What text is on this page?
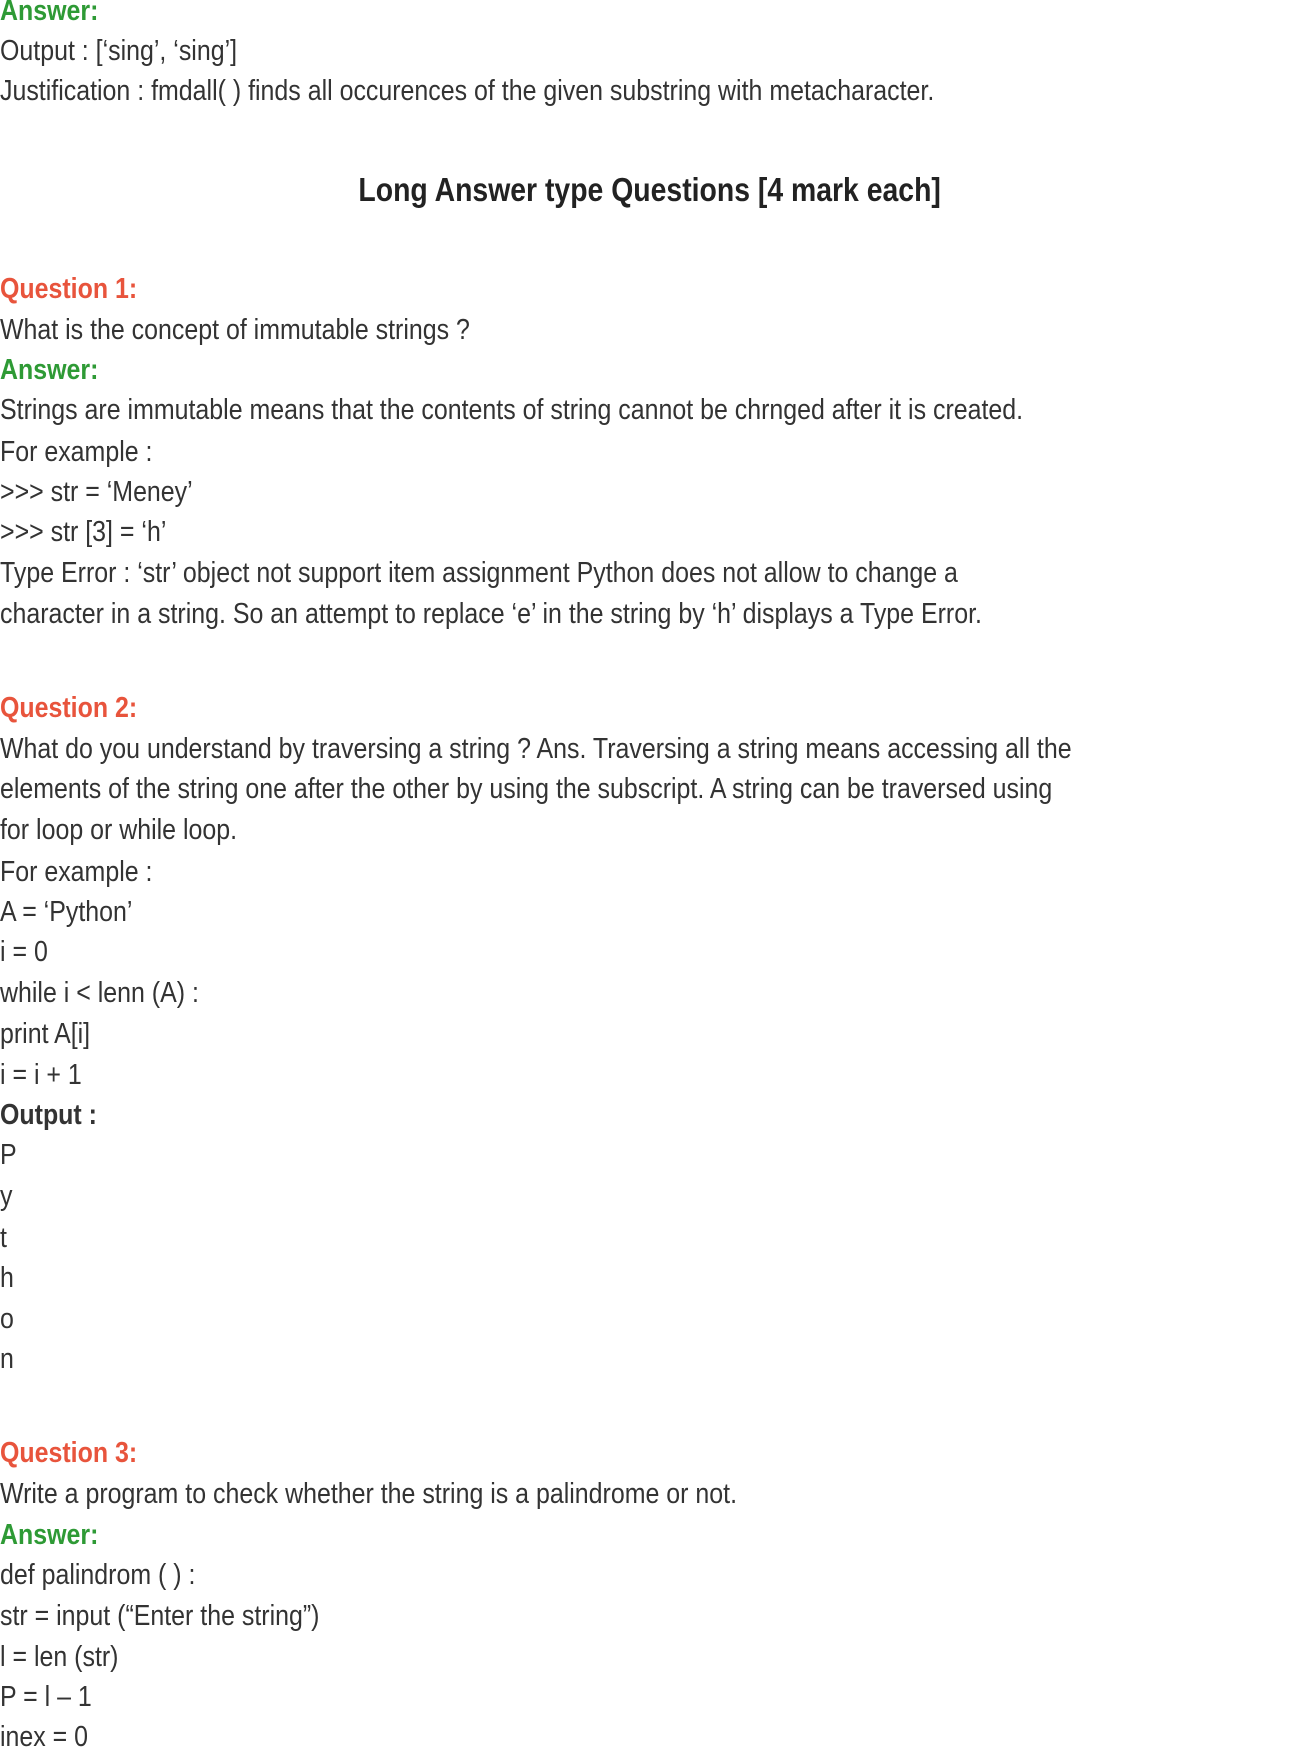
Answer:
Output : [‘sing’, ‘sing’]
Justification : fmdall( ) finds all occurences of the given substring with metacharacter.
Long Answer type Questions [4 mark each]
Question 1:
What is the concept of immutable strings ?
Answer:
Strings are immutable means that the contents of string cannot be chrnged after it is created.
For example :
>>> str = ‘Meney’
>>> str [3] = ‘h’
Type Error : ‘str’ object not support item assignment Python does not allow to change a
character in a string. So an attempt to replace ‘e’ in the string by ‘h’ displays a Type Error.
Question 2:
What do you understand by traversing a string ? Ans. Traversing a string means accessing all the
elements of the string one after the other by using the subscript. A string can be traversed using
for loop or while loop.
For example :
A = ‘Python’
i = 0
while i < lenn (A) :
print A[i]
i = i + 1
Output :
P
y
t
h
o
n
Question 3:
Write a program to check whether the string is a palindrome or not.
Answer:
def palindrom ( ) :
str = input (“Enter the string”)
l = len (str)
P = l – 1
inex = 0
